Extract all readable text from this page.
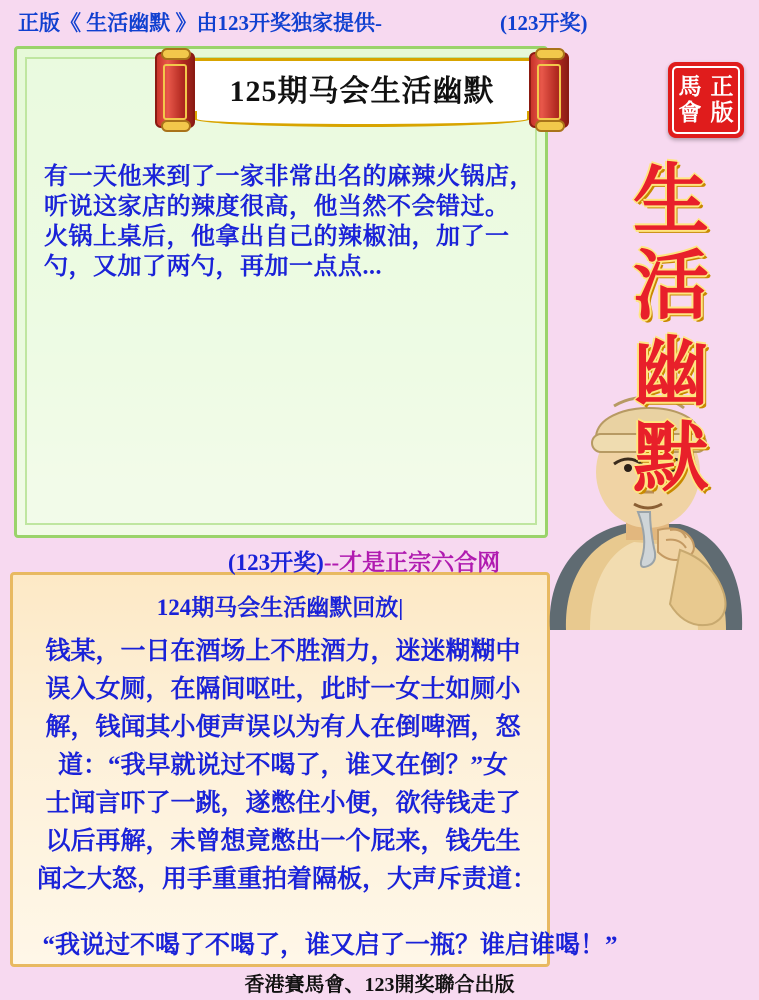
正版《 生活幽默 》由123开奖独家提供-	(123开奖)
125期马会生活幽默
有一天他来到了一家非常出名的麻辣火锅店，
听说这家店的辣度很高，他当然不会错过。
火锅上桌后，他拿出自己的辣椒油，加了一
勺，又加了两勺，再加一点点...
(123开奖)--才是正宗六合网
馬
會
正
版
生
活
幽
默
124期马会生活幽默回放|
钱某，一日在酒场上不胜酒力，迷迷糊糊中
误入女厕，在隔间呕吐，此时一女士如厕小
解，钱闻其小便声误以为有人在倒啤酒，怒
道：“我早就说过不喝了，谁又在倒？”女
士闻言吓了一跳，遂憋住小便，欲待钱走了
以后再解，未曾想竟憋出一个屁来，钱先生
闻之大怒，用手重重拍着隔板，大声斥责道：
“我说过不喝了不喝了，谁又启了一瓶？谁启谁喝！”
香港賽馬會、123開奖聯合出版
